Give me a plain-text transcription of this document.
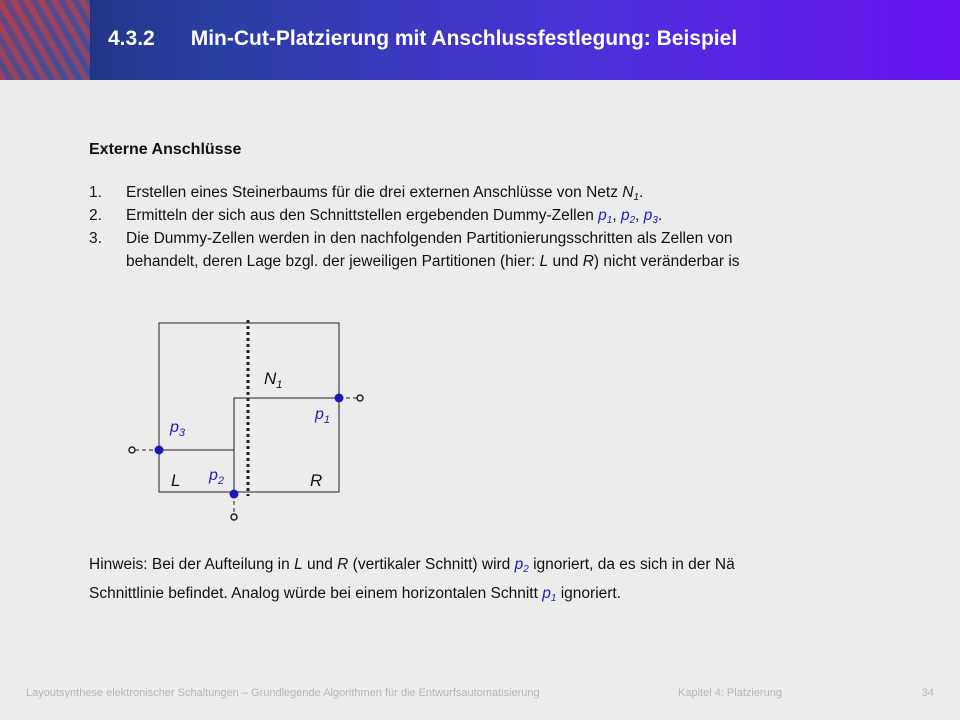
4.3.2 Min-Cut-Platzierung mit Anschlussfestlegung: Beispiel
Externe Anschlüsse
1. Erstellen eines Steinerbaums für die drei externen Anschlüsse von Netz $N_1$.
2. Ermitteln der sich aus den Schnittstellen ergebenden Dummy-Zellen $p_1$, $p_2$, $p_3$.
3. Die Dummy-Zellen werden in den nachfolgenden Partitionierungsschritten als Zellen von
behandelt, deren Lage bzgl. der jeweiligen Partitionen (hier: L und R) nicht veränderbar is
$N_1$
$p_1$
$p_3$
$p_2$
L	R
Hinweis: Bei der Aufteilung in L und R (vertikaler Schnitt) wird $p_2$ ignoriert, da es sich in der Nä
Schnittlinie befindet. Analog würde bei einem horizontalen Schnitt $p_1$ ignoriert.
Layoutsynthese elektronischer Schaltungen – Grundlegende Algorithmen für die Entwurfsautomatisierung	Kapitel 4: Platzierung	34
